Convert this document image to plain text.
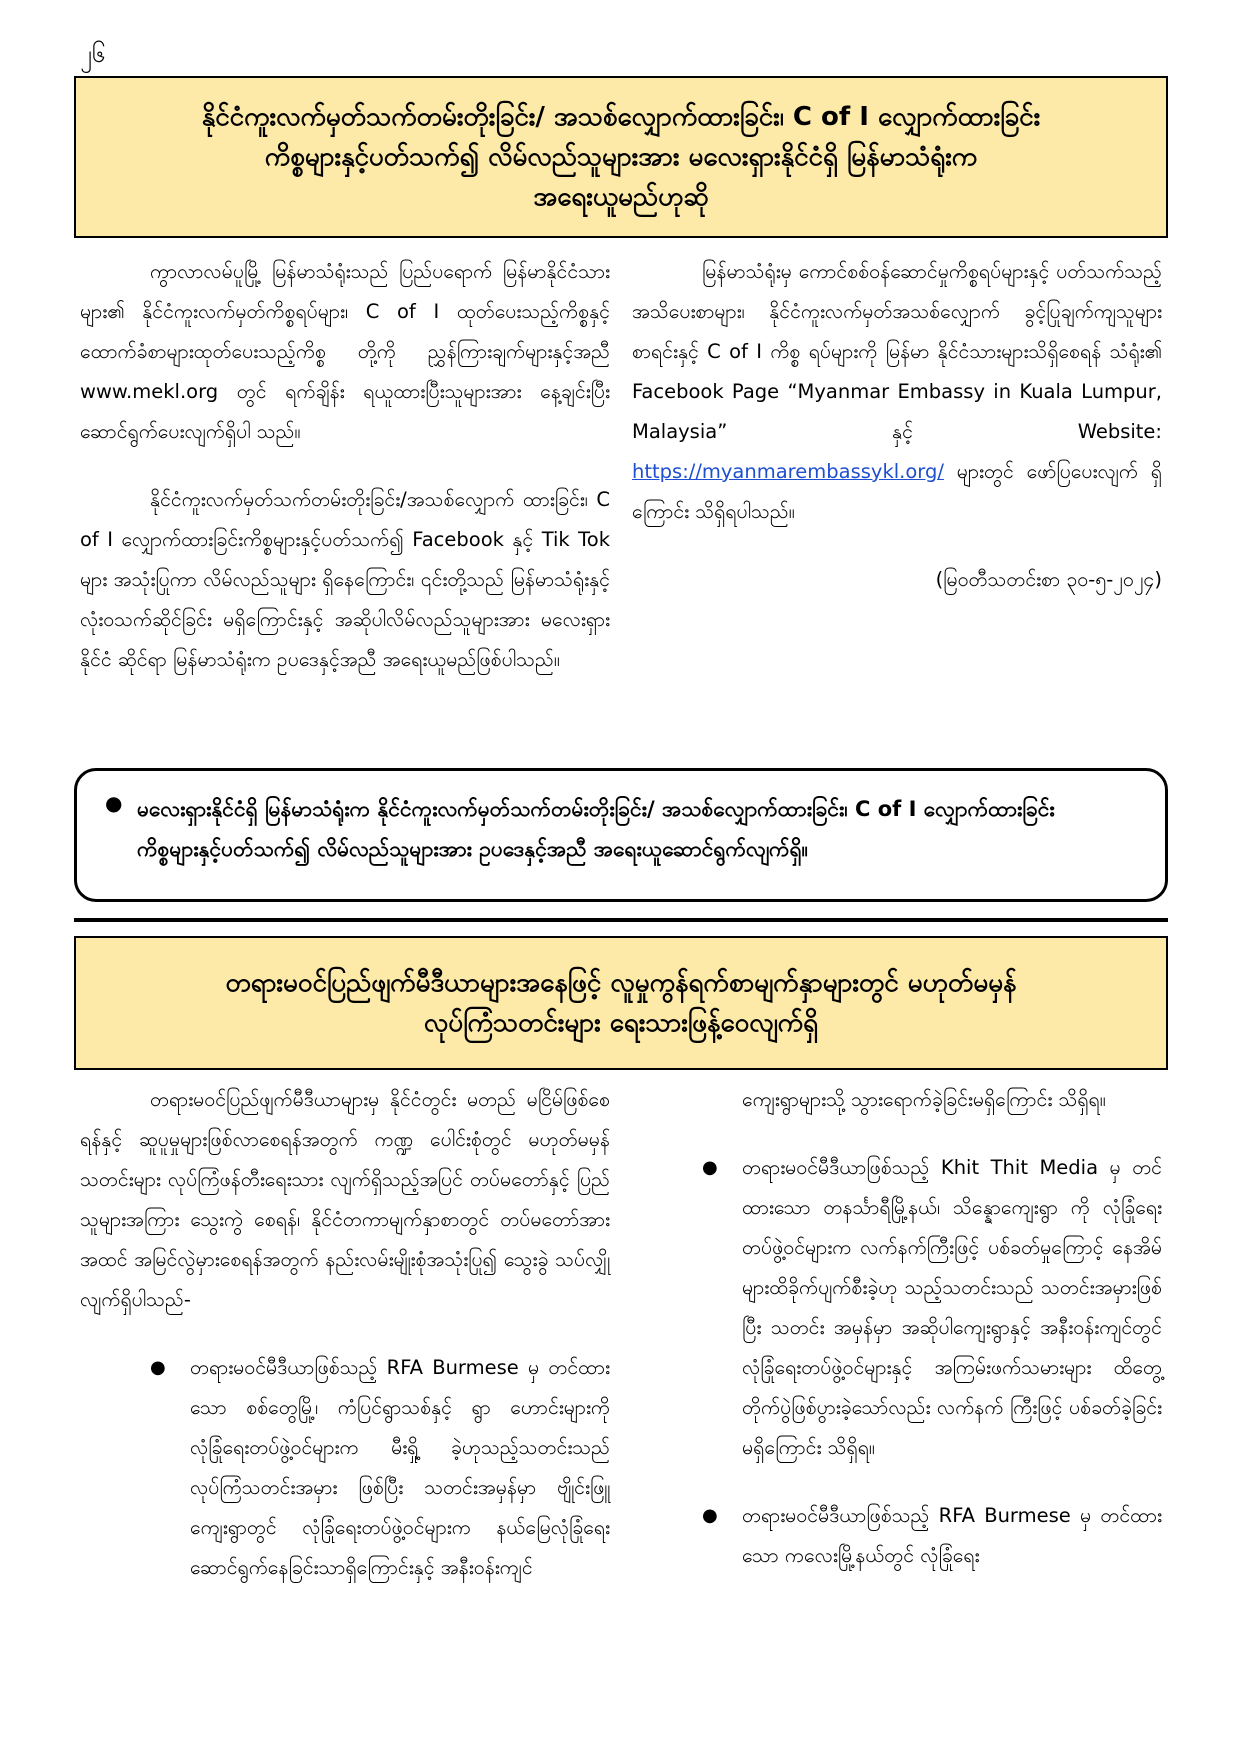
၂၆
နိုင်ငံကူးလက်မှတ်သက်တမ်းတိုးခြင်း/ အသစ်လျှောက်ထားခြင်း၊ C of I လျှောက်ထားခြင်း
ကိစ္စများနှင့်ပတ်သက်၍ လိမ်လည်သူများအား မလေးရှားနိုင်ငံရှိ မြန်မာသံရုံးက
အရေးယူမည်ဟုဆို

ကွာလာလမ်ပူမြို့ မြန်မာသံရုံးသည် ပြည်ပရောက် မြန်မာနိုင်ငံသားများ၏ နိုင်ငံကူးလက်မှတ်ကိစ္စရပ်များ၊ C of I ထုတ်ပေးသည့်ကိစ္စနှင့် ထောက်ခံစာများထုတ်ပေးသည့်ကိစ္စ တို့ကို ညွှန်ကြားချက်များနှင့်အညီ www.mekl.org တွင် ရက်ချိန်း ရယူထားပြီးသူများအား နေ့ချင်းပြီးဆောင်ရွက်ပေးလျက်ရှိပါ သည်။

နိုင်ငံကူးလက်မှတ်သက်တမ်းတိုးခြင်း/အသစ်လျှောက် ထားခြင်း၊ C of I လျှောက်ထားခြင်းကိစ္စများနှင့်ပတ်သက်၍ Facebook နှင့် Tik Tok များ အသုံးပြုကာ လိမ်လည်သူများ ရှိနေကြောင်း၊ ၎င်းတို့သည် မြန်မာသံရုံးနှင့် လုံးဝသက်ဆိုင်ခြင်း မရှိကြောင်းနှင့် အဆိုပါလိမ်လည်သူများအား မလေးရှားနိုင်ငံ ဆိုင်ရာ မြန်မာသံရုံးက ဥပဒေနှင့်အညီ အရေးယူမည်ဖြစ်ပါသည်။

မြန်မာသံရုံးမှ ကောင်စစ်ဝန်ဆောင်မှုကိစ္စရပ်များနှင့် ပတ်သက်သည့်အသိပေးစာများ၊ နိုင်ငံကူးလက်မှတ်အသစ်လျှောက် ခွင့်ပြုချက်ကျသူများစာရင်းနှင့် C of I ကိစ္စ ရပ်များကို မြန်မာ နိုင်ငံသားများသိရှိစေရန် သံရုံး၏ Facebook Page “Myanmar Embassy in Kuala Lumpur, Malaysia” နှင့် Website: https://myanmarembassykl.org/ များတွင် ဖော်ပြပေးလျက် ရှိကြောင်း သိရှိရပါသည်။

(မြဝတီသတင်းစာ ၃၀-၅-၂၀၂၄)

● မလေးရှားနိုင်ငံရှိ မြန်မာသံရုံးက နိုင်ငံကူးလက်မှတ်သက်တမ်းတိုးခြင်း/ အသစ်လျှောက်ထားခြင်း၊ C of I လျှောက်ထားခြင်း
ကိစ္စများနှင့်ပတ်သက်၍ လိမ်လည်သူများအား ဥပဒေနှင့်အညီ အရေးယူဆောင်ရွက်လျက်ရှိ။
တရားမဝင်ပြည်ဖျက်မီဒီယာများအနေဖြင့် လူမှုကွန်ရက်စာမျက်နှာများတွင် မဟုတ်မမှန်
လုပ်ကြံသတင်းများ ရေးသားဖြန့်ဝေလျက်ရှိ

တရားမဝင်ပြည်ဖျက်မီဒီယာများမှ နိုင်ငံတွင်း မတည် မငြိမ်ဖြစ်စေရန်နှင့် ဆူပူမှုများဖြစ်လာစေရန်အတွက် ကဏ္ဍ ပေါင်းစုံတွင် မဟုတ်မမှန်သတင်းများ လုပ်ကြံဖန်တီးရေးသား လျက်ရှိသည့်အပြင် တပ်မတော်နှင့် ပြည်သူများအကြား သွေးကွဲ စေရန်၊ နိုင်ငံတကာမျက်နှာစာတွင် တပ်မတော်အား အထင် အမြင်လွဲမှားစေရန်အတွက် နည်းလမ်းမျိုးစုံအသုံးပြု၍ သွေးခွဲ သပ်လျှိုလျက်ရှိပါသည်-

● တရားမဝင်မီဒီယာဖြစ်သည့် RFA Burmese မှ တင်ထားသော စစ်တွေမြို့၊ ကံပြင်ရွာသစ်နှင့် ရွာ ဟောင်းများကို လုံခြုံရေးတပ်ဖွဲ့ဝင်များက မီးရှို့ ခဲ့ဟုသည့်သတင်းသည် လုပ်ကြံသတင်းအမှား ဖြစ်ပြီး သတင်းအမှန်မှာ ဗျိုင်းဖြူကျေးရွာတွင် လုံခြုံရေးတပ်ဖွဲ့ဝင်များက နယ်မြေလုံခြုံရေး ဆောင်ရွက်နေခြင်းသာရှိကြောင်းနှင့် အနီးဝန်းကျင်

ကျေးရွာများသို့ သွားရောက်ခဲ့ခြင်းမရှိကြောင်း သိရှိရ။

● တရားမဝင်မီဒီယာဖြစ်သည့် Khit Thit Media မှ တင်ထားသော တနင်္သာရီမြို့နယ်၊ သိန္နောကျေးရွာ ကို လုံခြုံရေးတပ်ဖွဲ့ဝင်များက လက်နက်ကြီးဖြင့် ပစ်ခတ်မှုကြောင့် နေအိမ်များထိခိုက်ပျက်စီးခဲ့ဟု သည့်သတင်းသည် သတင်းအမှားဖြစ်ပြီး သတင်း အမှန်မှာ အဆိုပါကျေးရွာနှင့် အနီးဝန်းကျင်တွင် လုံခြုံရေးတပ်ဖွဲ့ဝင်များနှင့် အကြမ်းဖက်သမားများ ထိတွေ့တိုက်ပွဲဖြစ်ပွားခဲ့သော်လည်း လက်နက် ကြီးဖြင့် ပစ်ခတ်ခဲ့ခြင်းမရှိကြောင်း သိရှိရ။
● တရားမဝင်မီဒီယာဖြစ်သည့် RFA Burmese မှ တင်ထားသော ကလေးမြို့နယ်တွင် လုံခြုံရေး
